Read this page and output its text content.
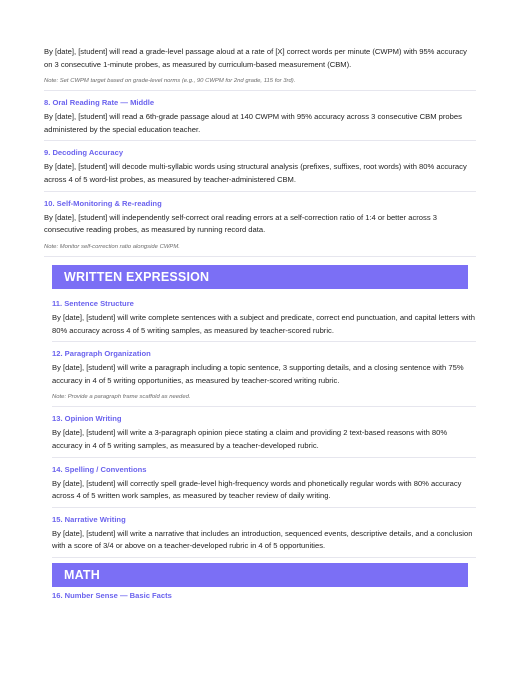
By [date], [student] will read a grade-level passage aloud at a rate of [X] correct words per minute (CWPM) with 95% accuracy on 3 consecutive 1-minute probes, as measured by curriculum-based measurement (CBM).

Note: Set CWPM target based on grade-level norms (e.g., 90 CWPM for 2nd grade, 115 for 3rd).
8. Oral Reading Rate — Middle

By [date], [student] will read a 6th-grade passage aloud at 140 CWPM with 95% accuracy across 3 consecutive CBM probes administered by the special education teacher.

9. Decoding Accuracy

By [date], [student] will decode multi-syllabic words using structural analysis (prefixes, suffixes, root words) with 80% accuracy across 4 of 5 word-list probes, as measured by teacher-administered CBM.

10. Self-Monitoring & Re-reading

By [date], [student] will independently self-correct oral reading errors at a self-correction ratio of 1:4 or better across 3 consecutive reading probes, as measured by running record data.

Note: Monitor self-correction ratio alongside CWPM.
WRITTEN EXPRESSION
11. Sentence Structure

By [date], [student] will write complete sentences with a subject and predicate, correct end punctuation, and capital letters with 80% accuracy across 4 of 5 writing samples, as measured by teacher-scored rubric.

12. Paragraph Organization

By [date], [student] will write a paragraph including a topic sentence, 3 supporting details, and a closing sentence with 75% accuracy in 4 of 5 writing opportunities, as measured by teacher-scored writing rubric.

Note: Provide a paragraph frame scaffold as needed.
13. Opinion Writing

By [date], [student] will write a 3-paragraph opinion piece stating a claim and providing 2 text-based reasons with 80% accuracy in 4 of 5 writing samples, as measured by a teacher-developed rubric.

14. Spelling / Conventions

By [date], [student] will correctly spell grade-level high-frequency words and phonetically regular words with 80% accuracy across 4 of 5 written work samples, as measured by teacher review of daily writing.

15. Narrative Writing

By [date], [student] will write a narrative that includes an introduction, sequenced events, descriptive details, and a conclusion with a score of 3/4 or above on a teacher-developed rubric in 4 of 5 opportunities.

MATH
16. Number Sense — Basic Facts
